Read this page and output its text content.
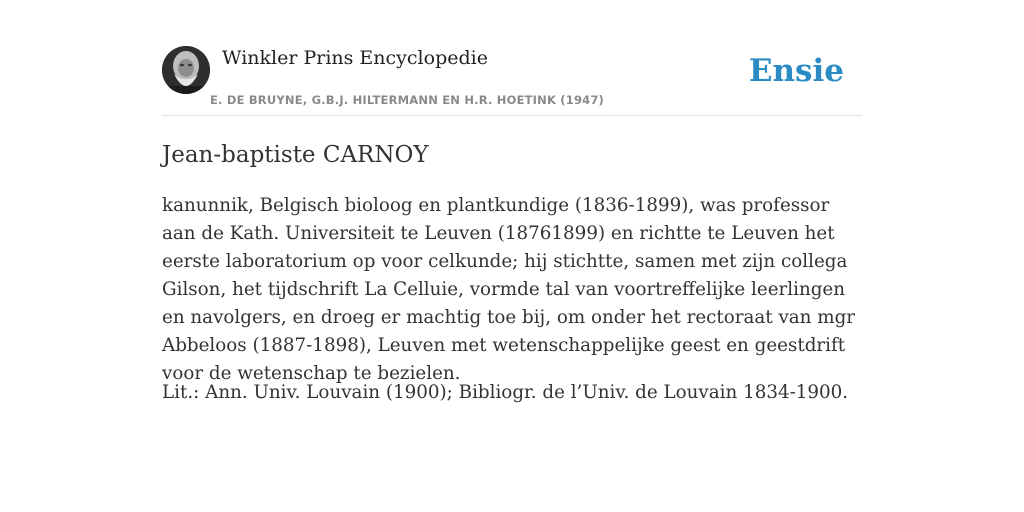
Winkler Prins Encyclopedie
E. DE BRUYNE, G.B.J. HILTERMANN EN H.R. HOETINK (1947)
Ensie
Jean-baptiste CARNOY

kanunnik, Belgisch bioloog en plantkundige (1836-1899), was professor aan de Kath. Universiteit te Leuven (18761899) en richtte te Leuven het eerste laboratorium op voor celkunde; hij stichtte, samen met zijn collega Gilson, het tijdschrift La Celluie, vormde tal van voortreffelijke leerlingen en navolgers, en droeg er machtig toe bij, om onder het rectoraat van mgr Abbeloos (1887-1898), Leuven met wetenschappelijke geest en geestdrift voor de wetenschap te bezielen.

Lit.: Ann. Univ. Louvain (1900); Bibliogr. de l’Univ. de Louvain 1834-1900.
